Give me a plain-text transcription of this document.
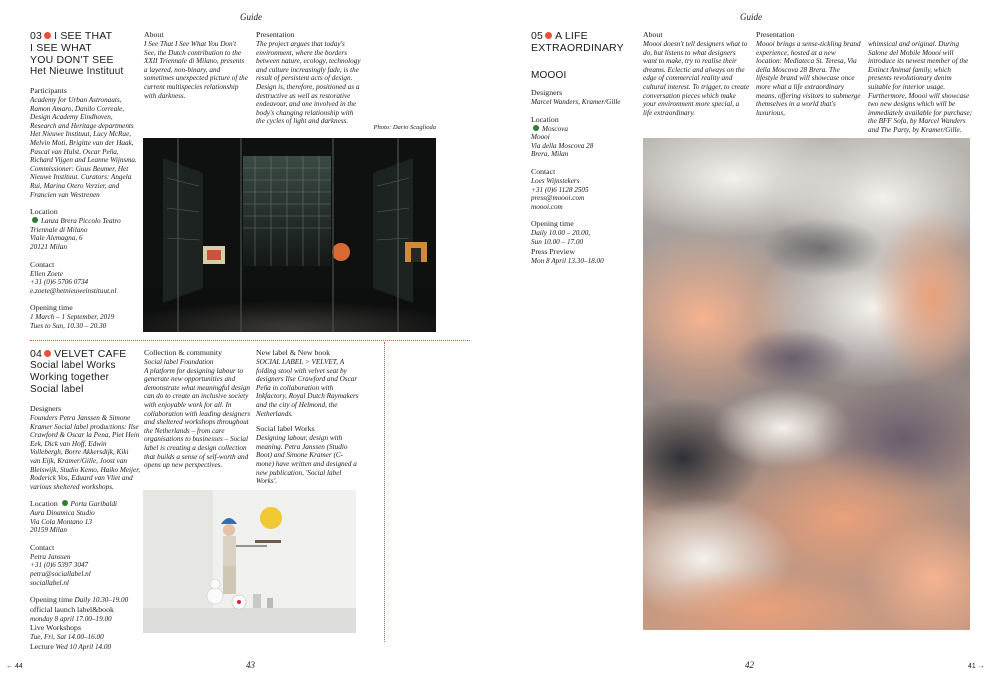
Guide	Guide
← 44	43	42	41 →
03 I SEE THAT
I SEE WHAT
YOU DON'T SEE
Het Nieuwe Instituut
Participants
Academy for Urban Astronauts, Ramon Amaro, Danilo Correale, Design Academy Eindhoven, Research and Heritage departments Het Nieuwe Instituut, Lucy McRae, Melvin Moti, Brigitte van der Haak, Pascal van Hulst, Oscar Peña, Richard Vijgen and Leanne Wijnsma. Commissioner: Guus Beumer, Het Nieuwe Instituut. Curators: Angela Rui, Marina Otero Verzier, and Francien van Westrenen
Location
Lanza Brera Piccolo Teatro
Triennale di Milano
Viale Alemagna, 6
20121 Milan
Contact
Ellen Zoete
+31 (0)6 5706 0734
e.zoete@hetnieuweinstituut.nl
Opening time
1 March – 1 September, 2019
Tues to Sun, 10.30 – 20.30
About
I See That I See What You Don't See, the Dutch contribution to the XXII Triennale di Milano, presents a layered, non-binary, and sometimes unexpected picture of the current multispecies relationship with darkness.
Presentation
The project argues that today's environment, where the borders between nature, ecology, technology and culture increasingly fade, is the result of persistent acts of design. Design is, therefore, positioned as a destructive as well as restorative endeavour, and one involved in the body's changing relationship with the cycles of light and darkness.
Photo: Dario Scaglioda
04 VELVET CAFE
Social label Works
Working together
Social label
Designers
Founders Petra Janssen & Simone Kramer Social label productions: Ilse Crawford & Oscar la Pena, Piet Hein Eek, Dick van Hoff, Edwin Vollebergh, Borre Akkersdijk, Kiki van Eijk, Kramer/Gille, Joost van Bleiswijk, Studio Kemo, Haiko Meijer, Roderick Vos, Eduard van Vliet and various sheltered workshops.
Location Porta Garibaldi
Aura Dinamica Studio
Via Cola Montano 13
20159 Milan
Contact
Petra Janssen
+31 (0)6 5397 3047
petra@sociallabel.nl
sociallabel.nl
Opening time Daily 10.30–19.00
official launch label&book
monday 8 april 17.00–19.00
Live Workshops
Tue, Fri, Sat 14.00–16.00
Lecture Wed 10 April 14.00
Collection & community
Social label Foundation
A platform for designing labour to generate new opportunities and demonstrate what meaningful design can do to create an inclusive society with enjoyable work for all. In collaboration with leading designers and sheltered workshops throughout the Netherlands – from care organisations to businesses – Social label is creating a design collection that builds a sense of self-worth and opens up new perspectives.
New label & New book
SOCIAL LABEL > VELVET, A folding stool with velvet seat by designers Ilse Crawford and Oscar Peña in collaboration with Inkfactory, Royal Dutch Raymakers and the city of Helmond, the Netherlands.
Social label Works
Designing labour, design with meaning. Petra Janssen (Studio Boot) and Simone Kramer (C-mone) have written and designed a new publication, 'Social label Works'.
05 A LIFE
EXTRAORDINARY
MOOOI
Designers
Marcel Wanders, Kramer/Gille
Location
Moscova
Moooi
Via della Moscova 28
Brera, Milan
Contact
Loes Wijnstekers
+31 (0)6 1128 2505
press@moooi.com
moooi.com
Opening time
Daily 10.00 – 20.00,
Sun 10.00 – 17.00
Press Preview
Mon 8 April 13.30–18.00
About
Moooi doesn't tell designers what to do, but listens to what designers want to make, try to realise their dreams. Eclectic and always on the edge of commercial reality and cultural interest. To trigger, to create conversation pieces which make your environment more special, a life extraordinary.
Presentation
Moooi brings a sense-tickling brand experience, hosted at a new location: Mediateca St. Teresa, Via della Moscova 28 Brera. The lifestyle brand will showcase once more what a life extraordinary means, offering visitors to submerge themselves in a world that's luxurious,
whimsical and original. During Salone del Mobile Moooi will introduce its newest member of the Extinct Animal family, which presents revolutionary denim suitable for interior usage. Furthermore, Moooi will showcase two new designs which will be immediately available for purchase; the BFF Sofa, by Marcel Wanders and The Party, by Kramer/Gille.
